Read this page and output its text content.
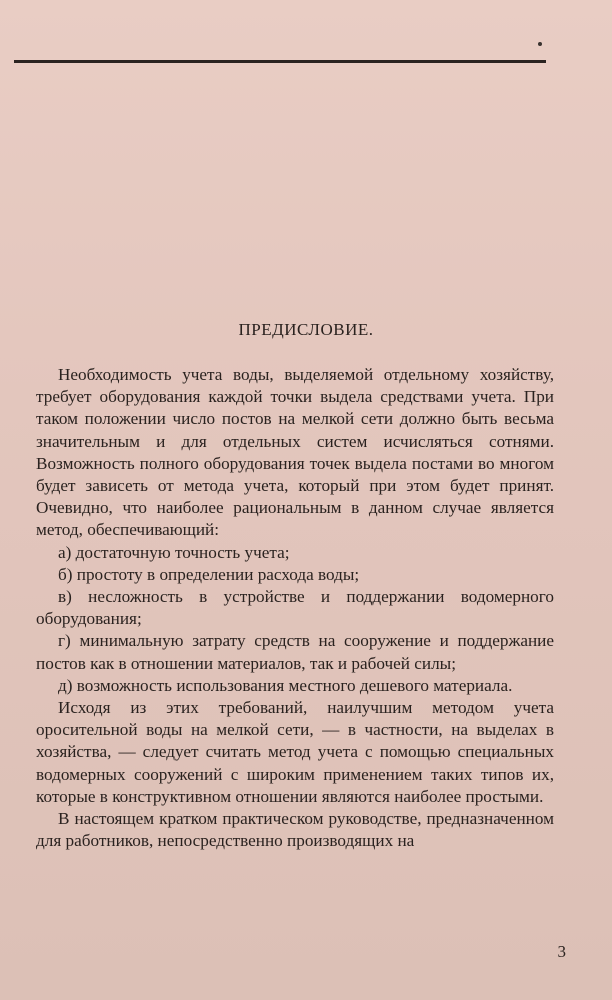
ПРЕДИСЛОВИЕ.

Необходимость учета воды, выделяемой отдельному хозяйству, требует оборудования каждой точки выдела средствами учета. При таком положении число постов на мелкой сети должно быть весьма значительным и для отдельных систем исчисляться сотнями. Возможность полного оборудования точек выдела постами во многом будет зависеть от метода учета, который при этом будет принят. Очевидно, что наиболее рациональным в данном случае является метод, обеспечивающий:

а) достаточную точность учета;

б) простоту в определении расхода воды;

в) несложность в устройстве и поддержании водомерного оборудования;

г) минимальную затрату средств на сооружение и поддержание постов как в отношении материалов, так и рабочей силы;

д) возможность использования местного дешевого материала.

Исходя из этих требований, наилучшим методом учета оросительной воды на мелкой сети, — в частности, на выделах в хозяйства, — следует считать метод учета с помощью специальных водомерных сооружений с широким применением таких типов их, которые в конструктивном отношении являются наиболее простыми.

В настоящем кратком практическом руководстве, предназначенном для работников, непосредственно производящих на

3
